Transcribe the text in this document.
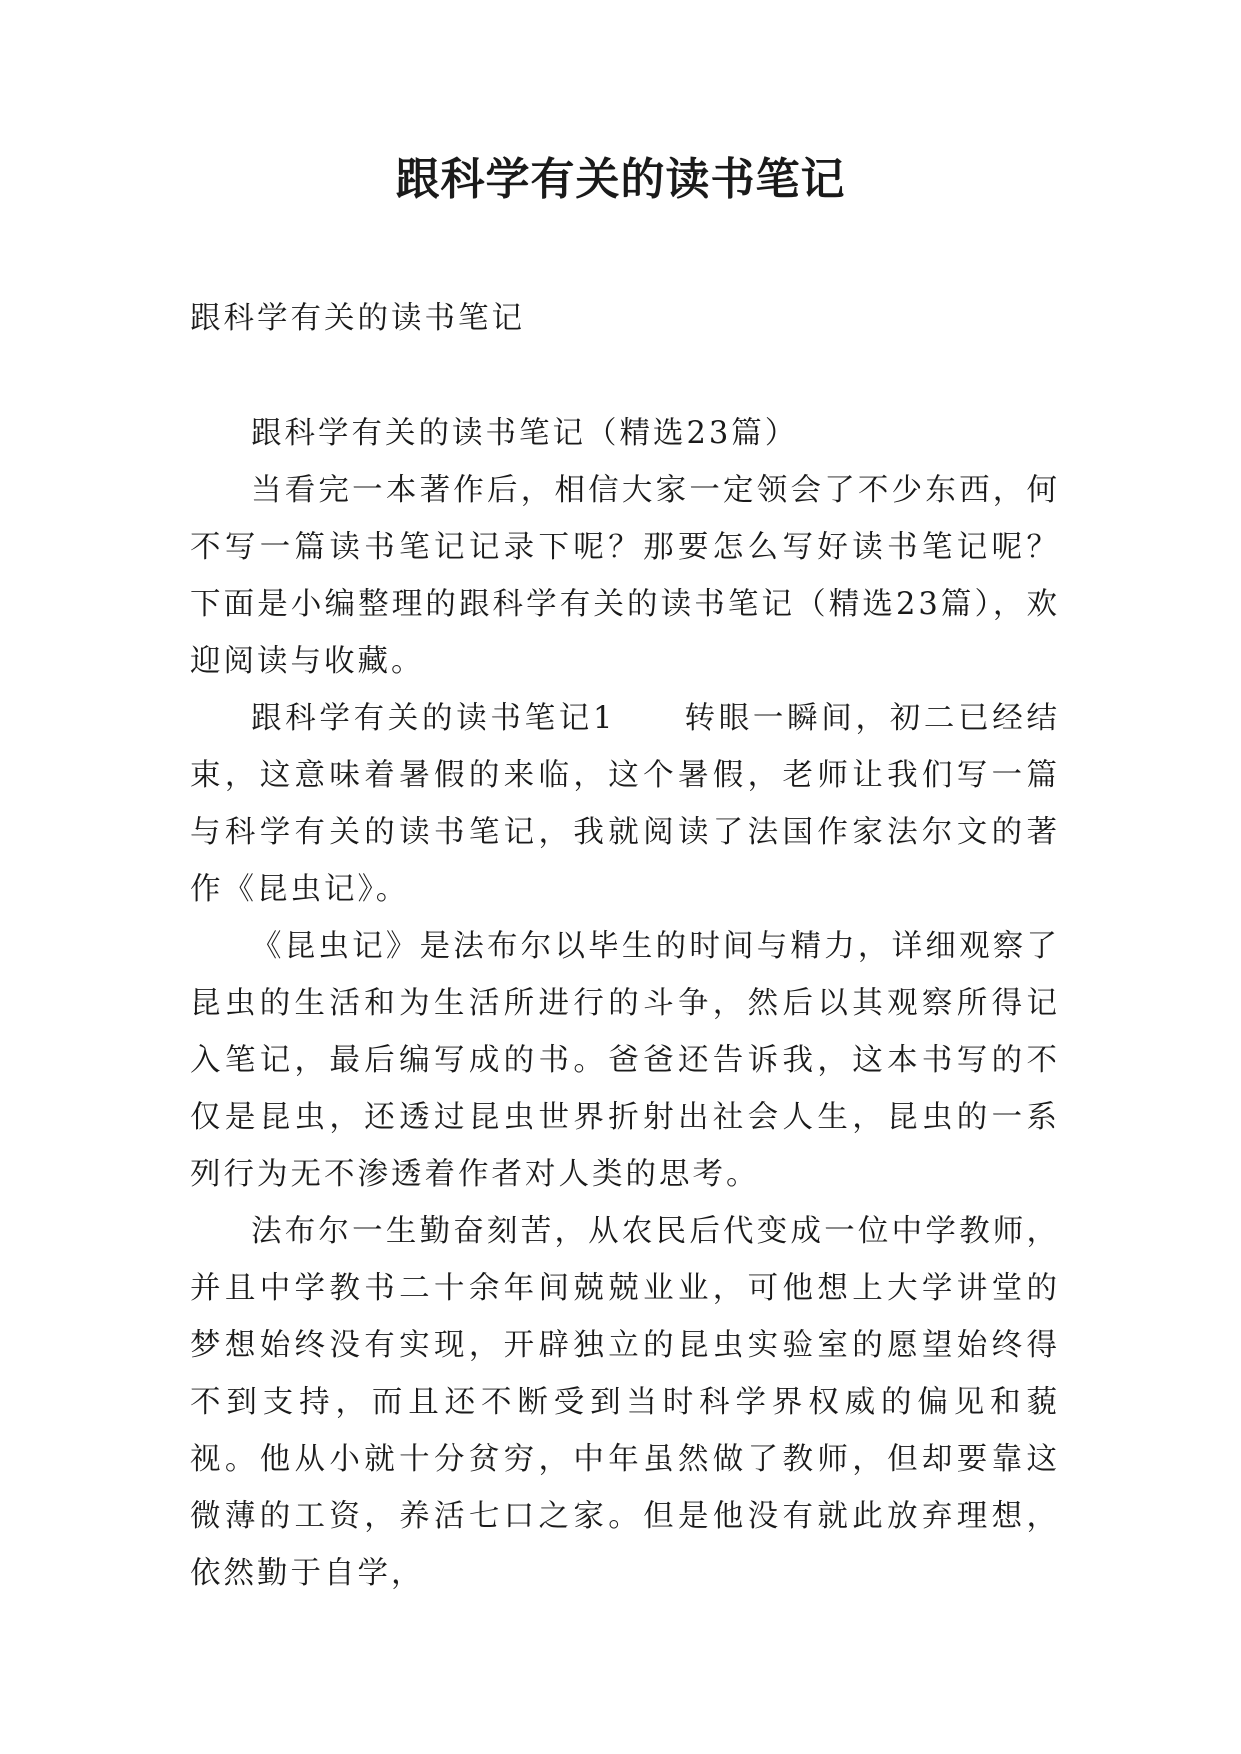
跟科学有关的读书笔记

跟科学有关的读书笔记

跟科学有关的读书笔记（精选23篇）

当看完一本著作后，相信大家一定领会了不少东西，何不写一篇读书笔记记录下呢？那要怎么写好读书笔记呢？下面是小编整理的跟科学有关的读书笔记（精选23篇），欢迎阅读与收藏。

跟科学有关的读书笔记1　　转眼一瞬间，初二已经结束，这意味着暑假的来临，这个暑假，老师让我们写一篇与科学有关的读书笔记，我就阅读了法国作家法尔文的著作《昆虫记》。

《昆虫记》是法布尔以毕生的时间与精力，详细观察了昆虫的生活和为生活所进行的斗争，然后以其观察所得记入笔记，最后编写成的书。爸爸还告诉我，这本书写的不仅是昆虫，还透过昆虫世界折射出社会人生，昆虫的一系列行为无不渗透着作者对人类的思考。

法布尔一生勤奋刻苦，从农民后代变成一位中学教师，并且中学教书二十余年间兢兢业业，可他想上大学讲堂的梦想始终没有实现，开辟独立的昆虫实验室的愿望始终得不到支持，而且还不断受到当时科学界权威的偏见和藐视。他从小就十分贫穷，中年虽然做了教师，但却要靠这微薄的工资，养活七口之家。但是他没有就此放弃理想，依然勤于自学，
